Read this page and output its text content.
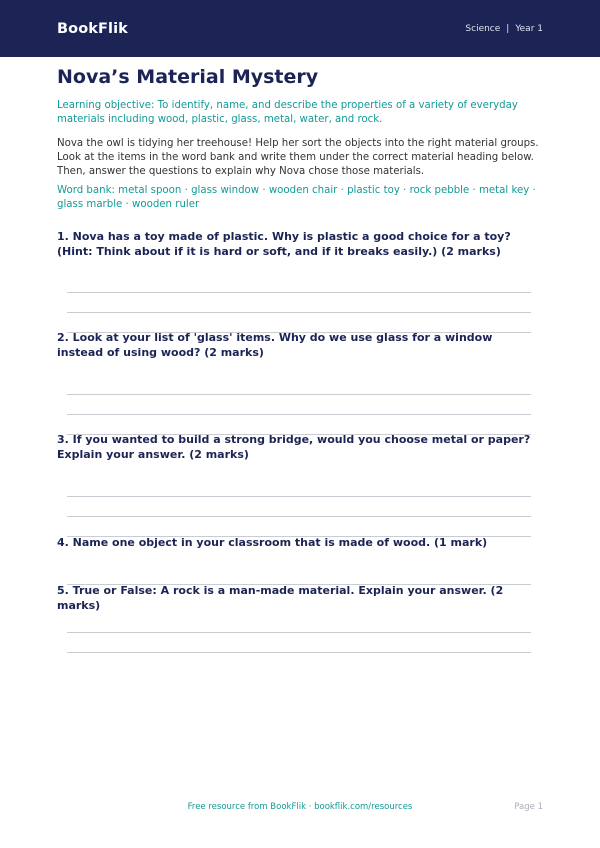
BookFlik	Science | Year 1
Nova’s Material Mystery

Learning objective: To identify, name, and describe the properties of a variety of everyday materials including wood, plastic, glass, metal, water, and rock.

Nova the owl is tidying her treehouse! Help her sort the objects into the right material groups. Look at the items in the word bank and write them under the correct material heading below. Then, answer the questions to explain why Nova chose those materials.

Word bank: metal spoon · glass window · wooden chair · plastic toy · rock pebble · metal key · glass marble · wooden ruler

1. Nova has a toy made of plastic. Why is plastic a good choice for a toy? (Hint: Think about if it is hard or soft, and if it breaks easily.) (2 marks)

2. Look at your list of 'glass' items. Why do we use glass for a window instead of using wood? (2 marks)

3. If you wanted to build a strong bridge, would you choose metal or paper? Explain your answer. (2 marks)

4. Name one object in your classroom that is made of wood. (1 mark)

5. True or False: A rock is a man-made material. Explain your answer. (2 marks)

Free resource from BookFlik · bookflik.com/resources	Page 1
